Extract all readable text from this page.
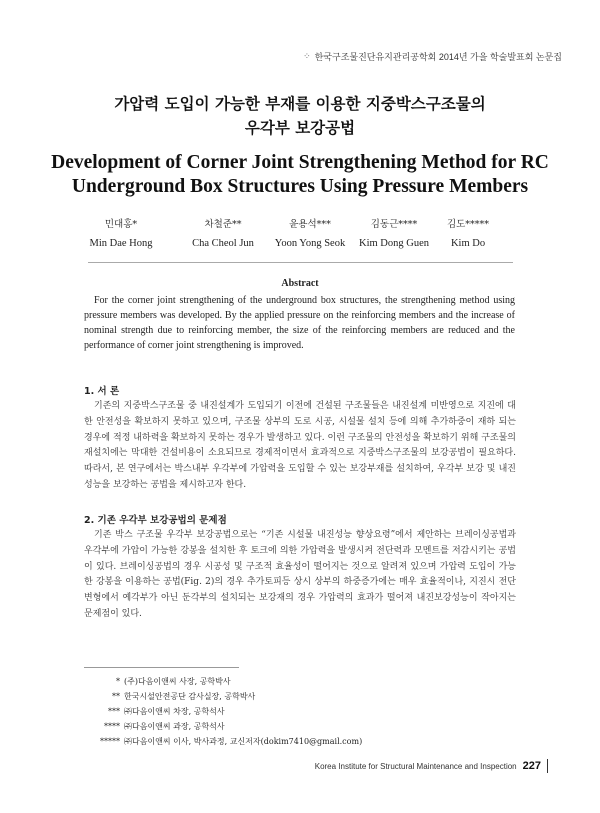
⁘ 한국구조물진단유지관리공학회 2014년 가을 학술발표회 논문집
가압력 도입이 가능한 부재를 이용한 지중박스구조물의
우각부 보강공법
Development of Corner Joint Strengthening Method for RC
Underground Box Structures Using Pressure Members
민대홍*
Min Dae Hong
차철준**
Cha Cheol Jun
윤용석***
Yoon Yong Seok
김동근****
Kim Dong Guen
김도*****
Kim Do
Abstract
For the corner joint strengthening of the underground box structures, the strengthening method using pressure members was developed. By the applied pressure on the reinforcing members and the increase of nominal strength due to reinforcing member, the size of the reinforcing members are reduced and the performance of corner joint strengthening is improved.
1. 서 론
기존의 지중박스구조물 중 내진설계가 도입되기 이전에 건설된 구조물들은 내진설계 미반영으로 지진에 대한 안전성을 확보하지 못하고 있으며, 구조물 상부의 도로 시공, 시설물 설치 등에 의해 추가하중이 재하 되는 경우에 적정 내하력을 확보하지 못하는 경우가 발생하고 있다. 이런 구조물의 안전성을 확보하기 위해 구조물의 재설치에는 막대한 건설비용이 소요되므로 경제적이면서 효과적으로 지중박스구조물의 보강공법이 필요하다. 따라서, 본 연구에서는 박스내부 우각부에 가압력을 도입할 수 있는 보강부재를 설치하여, 우각부 보강 및 내진성능을 보강하는 공법을 제시하고자 한다.
2. 기존 우각부 보강공법의 문제점
기존 박스 구조물 우각부 보강공법으로는 “기존 시설물 내진성능 향상요령”에서 제안하는 브레이싱공법과 우각부에 가압이 가능한 강봉을 설치한 후 토크에 의한 가압력을 발생시켜 전단력과 모멘트를 저감시키는 공법이 있다. 브레이싱공법의 경우 시공성 및 구조적 효율성이 떨어지는 것으로 알려져 있으며 가압력 도입이 가능한 강봉을 이용하는 공법(Fig. 2)의 경우 추가토피등 상시 상부의 하중증가에는 매우 효율적이나, 지진시 전단변형에서 예각부가 아닌 둔각부의 설치되는 보강재의 경우 가압력의 효과가 떨어져 내진보강성능이 작아지는 문제점이 있다.
* (주)다음이앤씨 사장, 공학박사
** 한국시설안전공단 감사실장, 공학박사
*** ㈜다음이앤씨 차장, 공학석사
**** ㈜다음이앤씨 과장, 공학석사
***** ㈜다음이앤씨 이사, 박사과정, 교신저자(dokim7410@gmail.com)
Korea Institute for Structural Maintenance and Inspection 227
